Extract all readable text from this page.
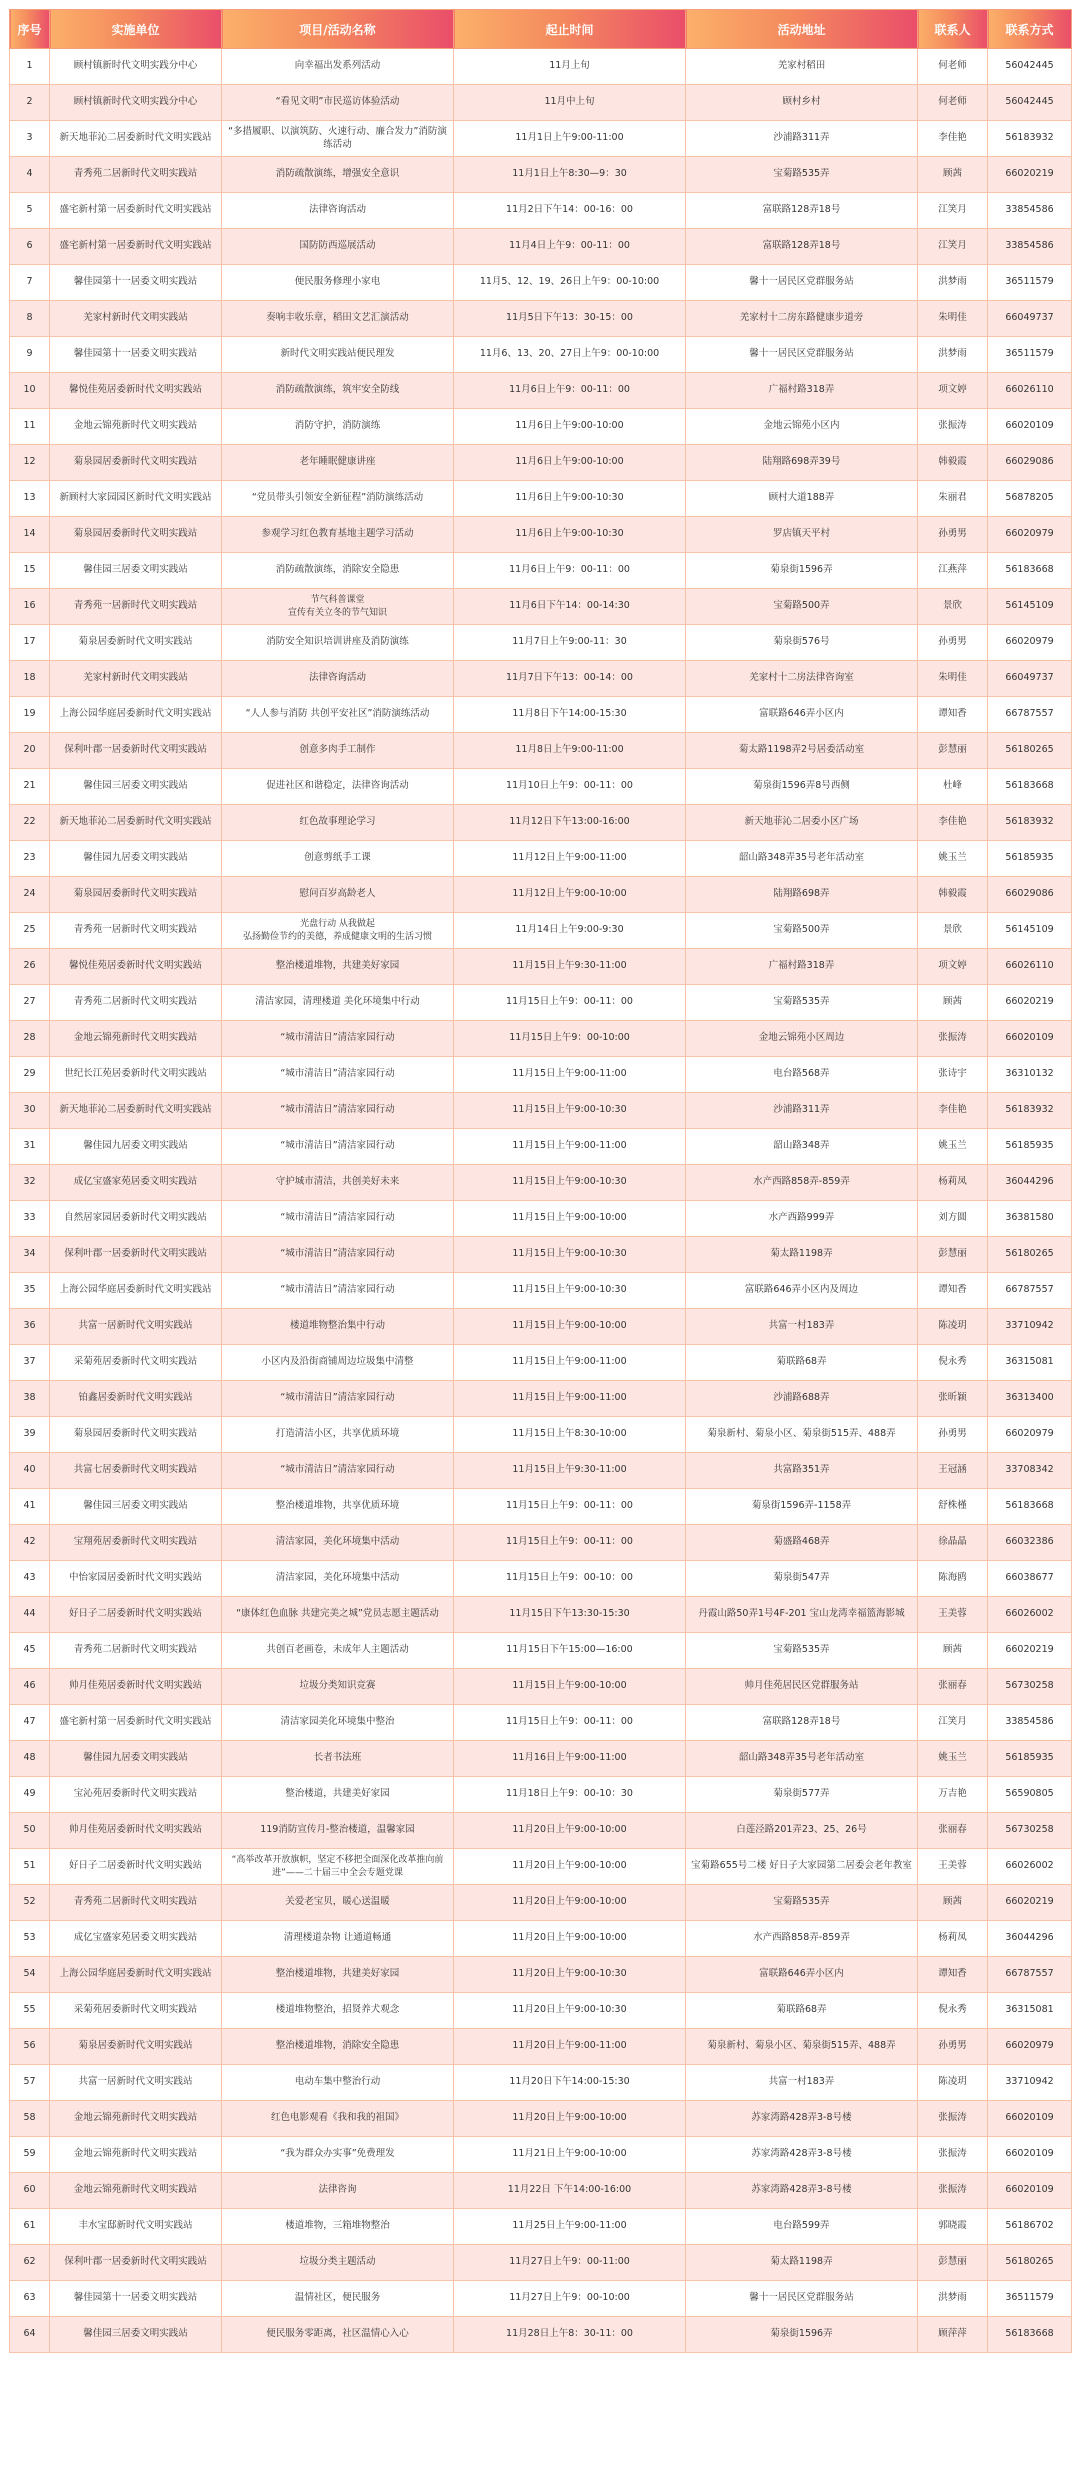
序号	实施单位	项目/活动名称	起止时间	活动地址	联系人	联系方式
1	顾村镇新时代文明实践分中心	向幸福出发系列活动	11月上旬	羌家村稻田	何老师	56042445
2	顾村镇新时代文明实践分中心	“看见文明”市民巡访体验活动	11月中上旬	顾村乡村	何老师	56042445
3	新天地菲沁二居委新时代文明实践站	“多措履职、以演筑防、火速行动、廉合发力”消防演练活动	11月1日上午9:00-11:00	沙浦路311弄	李佳艳	56183932
4	青秀苑二居新时代文明实践站	消防疏散演练，增强安全意识	11月1日上午8:30—9：30	宝菊路535弄	顾茜	66020219
5	盛宅新村第一居委新时代文明实践站	法律咨询活动	11月2日下午14：00-16：00	富联路128弄18号	江笑月	33854586
6	盛宅新村第一居委新时代文明实践站	国防防西巡展活动	11月4日上午9：00-11：00	富联路128弄18号	江笑月	33854586
7	馨佳园第十一居委文明实践站	便民服务修理小家电	11月5、12、19、26日上午9：00-10:00	馨十一居民区党群服务站	洪梦雨	36511579
8	羌家村新时代文明实践站	奏响丰收乐章，稻田文艺汇演活动	11月5日下午13：30-15：00	羌家村十二房东路健康步道旁	朱明佳	66049737
9	馨佳园第十一居委文明实践站	新时代文明实践站便民理发	11月6、13、20、27日上午9：00-10:00	馨十一居民区党群服务站	洪梦雨	36511579
10	馨悦佳苑居委新时代文明实践站	消防疏散演练，筑牢安全防线	11月6日上午9：00-11：00	广福村路318弄	项文婷	66026110
11	金地云锦苑新时代文明实践站	消防守护，消防演练	11月6日上午9:00-10:00	金地云锦苑小区内	张振涛	66020109
12	菊泉园居委新时代文明实践站	老年睡眠健康讲座	11月6日上午9:00-10:00	陆翔路698弄39号	韩毅霞	66029086
13	新顾村大家园园区新时代文明实践站	“党员带头引领安全新征程”消防演练活动	11月6日上午9:00-10:30	顾村大道188弄	朱丽君	56878205
14	菊泉园居委新时代文明实践站	参观学习红色教育基地主题学习活动	11月6日上午9:00-10:30	罗店镇天平村	孙勇男	66020979
15	馨佳园三居委文明实践站	消防疏散演练，消除安全隐患	11月6日上午9：00-11：00	菊泉街1596弄	江燕萍	56183668
16	青秀苑一居新时代文明实践站	节气科普课堂
宣传有关立冬的节气知识	11月6日下午14：00-14:30	宝菊路500弄	景欣	56145109
17	菊泉居委新时代文明实践站	消防安全知识培训讲座及消防演练	11月7日上午9:00-11：30	菊泉街576号	孙勇男	66020979
18	羌家村新时代文明实践站	法律咨询活动	11月7日下午13：00-14：00	羌家村十二房法律咨询室	朱明佳	66049737
19	上海公园华庭居委新时代文明实践站	“人人参与消防 共创平安社区”消防演练活动	11月8日下午14:00-15:30	富联路646弄小区内	谭知香	66787557
20	保利叶郡一居委新时代文明实践站	创意多肉手工制作	11月8日上午9:00-11:00	菊太路1198弄2号居委活动室	彭慧丽	56180265
21	馨佳园三居委文明实践站	促进社区和谐稳定，法律咨询活动	11月10日上午9：00-11：00	菊泉街1596弄8号西侧	杜峰	56183668
22	新天地菲沁二居委新时代文明实践站	红色故事理论学习	11月12日下午13:00-16:00	新天地菲沁二居委小区广场	李佳艳	56183932
23	馨佳园九居委文明实践站	创意剪纸手工课	11月12日上午9:00-11:00	韶山路348弄35号老年活动室	姚玉兰	56185935
24	菊泉园居委新时代文明实践站	慰问百岁高龄老人	11月12日上午9:00-10:00	陆翔路698弄	韩毅霞	66029086
25	青秀苑一居新时代文明实践站	光盘行动 从我做起
弘扬勤俭节约的美德，养成健康文明的生活习惯	11月14日上午9:00-9:30	宝菊路500弄	景欣	56145109
26	馨悦佳苑居委新时代文明实践站	整治楼道堆物，共建美好家园	11月15日上午9:30-11:00	广福村路318弄	项文婷	66026110
27	青秀苑二居新时代文明实践站	清洁家园，清理楼道 美化环境集中行动	11月15日上午9：00-11：00	宝菊路535弄	顾茜	66020219
28	金地云锦苑新时代文明实践站	“城市清洁日”清洁家园行动	11月15日上午9：00-10:00	金地云锦苑小区周边	张振涛	66020109
29	世纪长江苑居委新时代文明实践站	“城市清洁日”清洁家园行动	11月15日上午9:00-11:00	电台路568弄	张诗宇	36310132
30	新天地菲沁二居委新时代文明实践站	“城市清洁日”清洁家园行动	11月15日上午9:00-10:30	沙浦路311弄	李佳艳	56183932
31	馨佳园九居委文明实践站	“城市清洁日”清洁家园行动	11月15日上午9:00-11:00	韶山路348弄	姚玉兰	56185935
32	成亿宝盛家苑居委文明实践站	守护城市清洁，共创美好未来	11月15日上午9:00-10:30	水产西路858弄-859弄	杨莉凤	36044296
33	自然居家园居委新时代文明实践站	“城市清洁日”清洁家园行动	11月15日上午9:00-10:00	水产西路999弄	刘方圆	36381580
34	保利叶郡一居委新时代文明实践站	“城市清洁日”清洁家园行动	11月15日上午9:00-10:30	菊太路1198弄	彭慧丽	56180265
35	上海公园华庭居委新时代文明实践站	“城市清洁日”清洁家园行动	11月15日上午9:00-10:30	富联路646弄小区内及周边	谭知香	66787557
36	共富一居新时代文明实践站	楼道堆物整治集中行动	11月15日上午9:00-10:00	共富一村183弄	陈凌玥	33710942
37	采菊苑居委新时代文明实践站	小区内及沿街商铺周边垃圾集中清整	11月15日上午9:00-11:00	菊联路68弄	倪永秀	36315081
38	铂鑫居委新时代文明实践站	“城市清洁日”清洁家园行动	11月15日上午9:00-11:00	沙浦路688弄	张昕颖	36313400
39	菊泉园居委新时代文明实践站	打造清洁小区，共享优质环境	11月15日上午8:30-10:00	菊泉新村、菊泉小区、菊泉街515弄、488弄	孙勇男	66020979
40	共富七居委新时代文明实践站	“城市清洁日”清洁家园行动	11月15日上午9:30-11:00	共富路351弄	王冠涵	33708342
41	馨佳园三居委文明实践站	整治楼道堆物，共享优质环境	11月15日上午9：00-11：00	菊泉街1596弄-1158弄	舒株槿	56183668
42	宝翔苑居委新时代文明实践站	清洁家园，美化环境集中活动	11月15日上午9：00-11：00	菊盛路468弄	徐晶晶	66032386
43	中怡家园居委新时代文明实践站	清洁家园，美化环境集中活动	11月15日上午9：00-10：00	菊泉街547弄	陈海鸥	66038677
44	好日子二居委新时代文明实践站	“康体红色血脉 共建完美之城”党员志愿主题活动	11月15日下午13:30-15:30	丹霞山路50弄1号4F-201 宝山龙湾幸福篮海影城	王美蓉	66026002
45	青秀苑二居新时代文明实践站	共创百老画卷，未成年人主题活动	11月15日下午15:00—16:00	宝菊路535弄	顾茜	66020219
46	帅月佳苑居委新时代文明实践站	垃圾分类知识竞赛	11月15日上午9:00-10:00	帅月佳苑居民区党群服务站	张丽春	56730258
47	盛宅新村第一居委新时代文明实践站	清洁家园美化环境集中整治	11月15日上午9：00-11：00	富联路128弄18号	江笑月	33854586
48	馨佳园九居委文明实践站	长者书法班	11月16日上午9:00-11:00	韶山路348弄35号老年活动室	姚玉兰	56185935
49	宝沁苑居委新时代文明实践站	整治楼道，共建美好家园	11月18日上午9：00-10：30	菊泉街577弄	万吉艳	56590805
50	帅月佳苑居委新时代文明实践站	119消防宣传月-整治楼道，温馨家园	11月20日上午9:00-10:00	白莲泾路201弄23、25、26号	张丽春	56730258
51	好日子二居委新时代文明实践站	“高举改革开放旗帜，坚定不移把全面深化改革推向前进”——二十届三中全会专题党课	11月20日上午9:00-10:00	宝菊路655号二楼 好日子大家园第二居委会老年教室	王美蓉	66026002
52	青秀苑二居新时代文明实践站	关爱老宝贝，暖心送温暖	11月20日上午9:00-10:00	宝菊路535弄	顾茜	66020219
53	成亿宝盛家苑居委文明实践站	清理楼道杂物 让通道畅通	11月20日上午9:00-10:00	水产西路858弄-859弄	杨莉凤	36044296
54	上海公园华庭居委新时代文明实践站	整治楼道堆物，共建美好家园	11月20日上午9:00-10:30	富联路646弄小区内	谭知香	66787557
55	采菊苑居委新时代文明实践站	楼道堆物整治，招贤养犬观念	11月20日上午9:00-10:30	菊联路68弄	倪永秀	36315081
56	菊泉居委新时代文明实践站	整治楼道堆物，消除安全隐患	11月20日上午9:00-11:00	菊泉新村、菊泉小区、菊泉街515弄、488弄	孙勇男	66020979
57	共富一居新时代文明实践站	电动车集中整治行动	11月20日下午14:00-15:30	共富一村183弄	陈凌玥	33710942
58	金地云锦苑新时代文明实践站	红色电影观看《我和我的祖国》	11月20日上午9:00-10:00	苏家湾路428弄3-8号楼	张振涛	66020109
59	金地云锦苑新时代文明实践站	“我为群众办实事”免费理发	11月21日上午9:00-10:00	苏家湾路428弄3-8号楼	张振涛	66020109
60	金地云锦苑新时代文明实践站	法律咨询	11月22日 下午14:00-16:00	苏家湾路428弄3-8号楼	张振涛	66020109
61	丰水宝邸新时代文明实践站	楼道堆物，三箱堆物整治	11月25日上午9:00-11:00	电台路599弄	郭晓霞	56186702
62	保利叶郡一居委新时代文明实践站	垃圾分类主题活动	11月27日上午9：00-11:00	菊太路1198弄	彭慧丽	56180265
63	馨佳园第十一居委文明实践站	温情社区，便民服务	11月27日上午9：00-10:00	馨十一居民区党群服务站	洪梦雨	36511579
64	馨佳园三居委文明实践站	便民服务零距离，社区温情心入心	11月28日上午8：30-11：00	菊泉街1596弄	顾萍萍	56183668
